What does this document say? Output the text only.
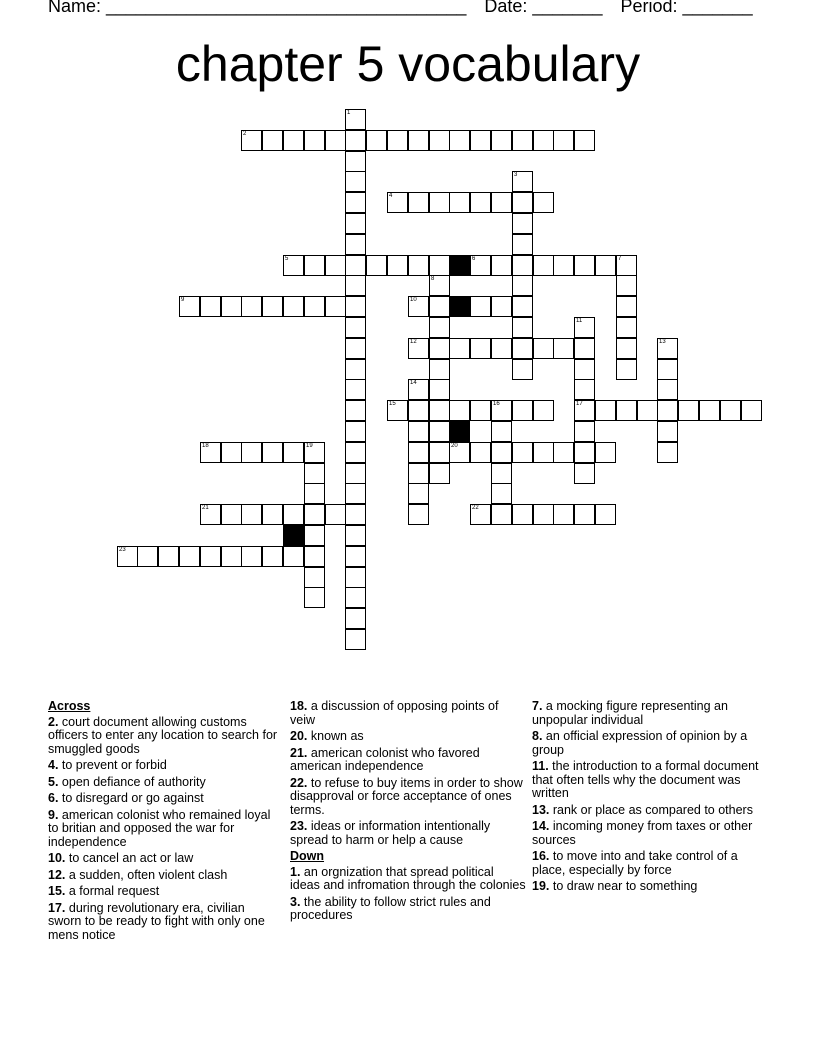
Name: ____________________________________ Date: _______ Period: _______
chapter 5 vocabulary
1
2
3
4
5	6	7
8
9	10
11
17
12	13
14
15	16
18	19	20
21	22
23
Across
2. court document allowing customs officers to enter any location to search for smuggled goods
4. to prevent or forbid
5. open defiance of authority
6. to disregard or go against
9. american colonist who remained loyal to britian and opposed the war for independence
10. to cancel an act or law
12. a sudden, often violent clash
15. a formal request
17. during revolutionary era, civilian sworn to be ready to fight with only one mens notice
18. a discussion of opposing points of veiw
20. known as
21. american colonist who favored american independence
22. to refuse to buy items in order to show disapproval or force acceptance of ones terms.
23. ideas or information intentionally spread to harm or help a cause
Down
1. an orgnization that spread political ideas and infromation through the colonies
3. the ability to follow strict rules and procedures
7. a mocking figure representing an unpopular individual
8. an official expression of opinion by a group
11. the introduction to a formal document that often tells why the document was written
13. rank or place as compared to others
14. incoming money from taxes or other sources
16. to move into and take control of a place, especially by force
19. to draw near to something
